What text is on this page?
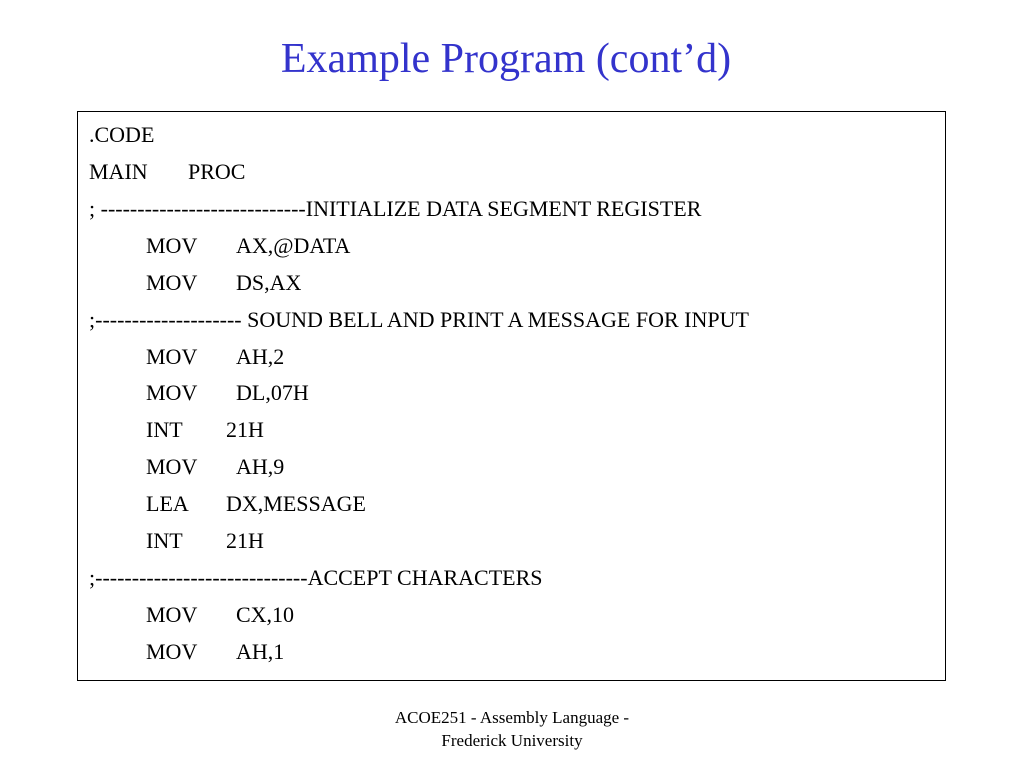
Example Program (cont’d)
.CODE
MAIN PROC
; ----------------------------INITIALIZE DATA SEGMENT REGISTER
MOV AX,@DATA
MOV DS,AX
;-------------------- SOUND BELL AND PRINT A MESSAGE FOR INPUT
MOV AH,2
MOV DL,07H
INT 21H
MOV AH,9
LEA DX,MESSAGE
INT 21H
;-----------------------------ACCEPT CHARACTERS
MOV CX,10
MOV AH,1
ACOE251 - Assembly Language -
Frederick University
